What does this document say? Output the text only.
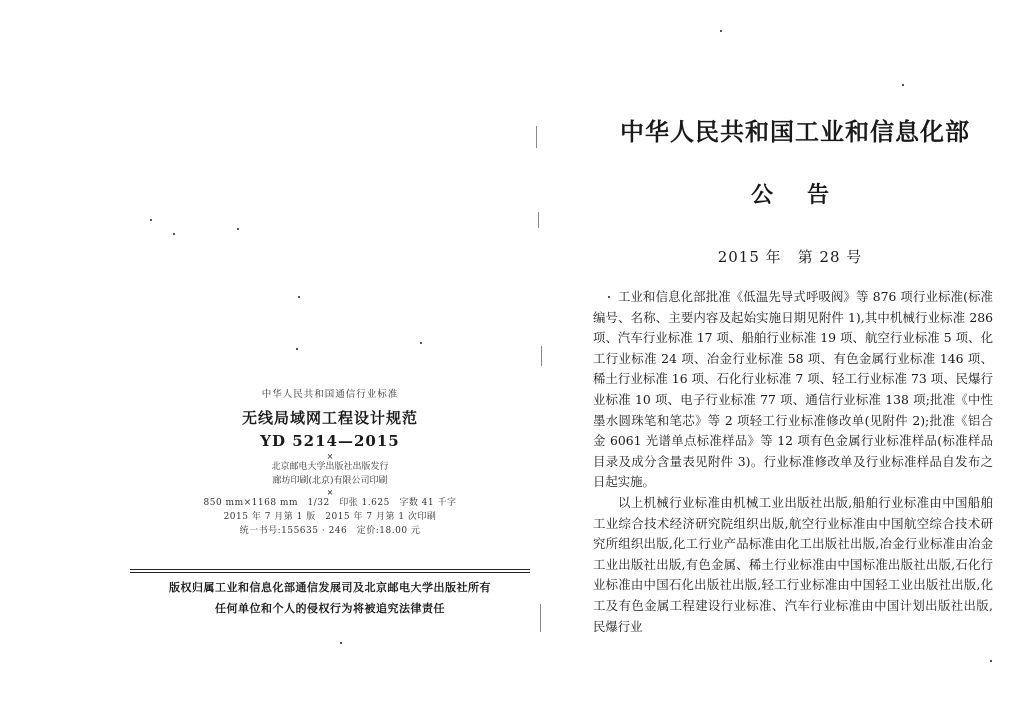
中华人民共和国通信行业标准
无线局域网工程设计规范
YD 5214—2015
×
北京邮电大学出版社出版发行
廊坊印刷(北京)有限公司印刷
×
850 mm×1168 mm　1/32　印张 1.625　字数 41 千字
2015 年 7 月第 1 版　2015 年 7 月第 1 次印刷
统一书号:155635 · 246　定价:18.00 元
版权归属工业和信息化部通信发展司及北京邮电大学出版社所有
任何单位和个人的侵权行为将被追究法律责任
中华人民共和国工业和信息化部
公告
2015 年　第 28 号

工业和信息化部批准《低温先导式呼吸阀》等 876 项行业标准(标准编号、名称、主要内容及起始实施日期见附件 1),其中机械行业标准 286 项、汽车行业标准 17 项、船舶行业标准 19 项、航空行业标准 5 项、化工行业标准 24 项、冶金行业标准 58 项、有色金属行业标准 146 项、稀土行业标准 16 项、石化行业标准 7 项、轻工行业标准 73 项、民爆行业标准 10 项、电子行业标准 77 项、通信行业标准 138 项;批准《中性墨水圆珠笔和笔芯》等 2 项轻工行业标准修改单(见附件 2);批准《铝合金 6061 光谱单点标准样品》等 12 项有色金属行业标准样品(标准样品目录及成分含量表见附件 3)。行业标准修改单及行业标准样品自发布之日起实施。

以上机械行业标准由机械工业出版社出版,船舶行业标准由中国船舶工业综合技术经济研究院组织出版,航空行业标准由中国航空综合技术研究所组织出版,化工行业产品标准由化工出版社出版,冶金行业标准由冶金工业出版社出版,有色金属、稀土行业标准由中国标准出版社出版,石化行业标准由中国石化出版社出版,轻工行业标准由中国轻工业出版社出版,化工及有色金属工程建设行业标准、汽车行业标准由中国计划出版社出版,民爆行业
